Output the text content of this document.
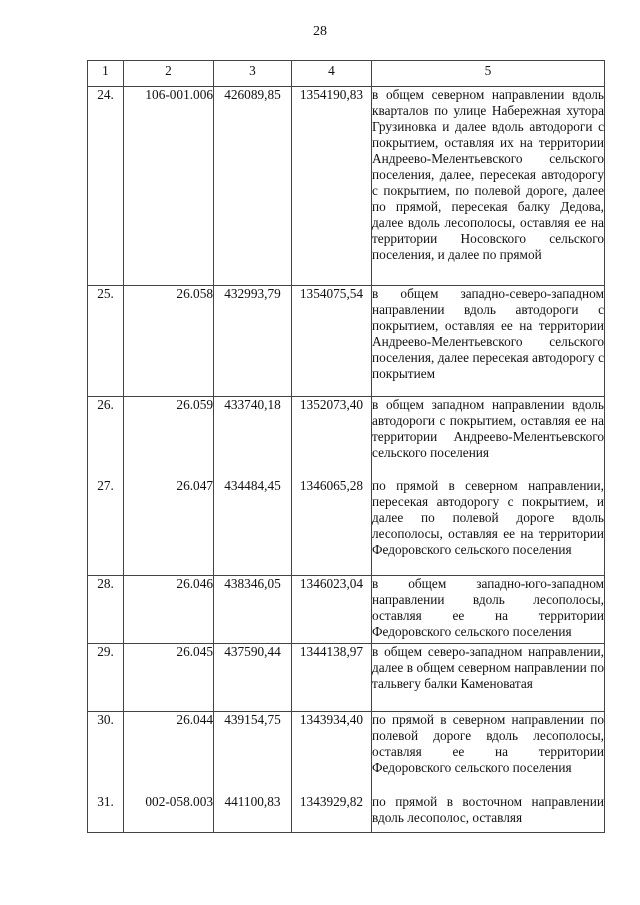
28
1	2	3	4	5
24.	106-001.006	426089,85	1354190,83	в общем северном направлении вдоль кварталов по улице Набережная хутора Грузиновка и далее вдоль автодороги с покрытием, оставляя их на территории Андреево-Мелентьевского сельского поселения, далее, пересекая автодорогу с покрытием, по полевой дороге, далее по прямой, пересекая балку Дедова, далее вдоль лесополосы, оставляя ее на территории Носовского сельского поселения, и далее по прямой
25.	26.058	432993,79	1354075,54	в общем западно-северо-западном направлении вдоль автодороги с покрытием, оставляя ее на территории Андреево-Мелентьевского сельского поселения, далее пересекая автодорогу с покрытием
26.	26.059	433740,18	1352073,40	в общем западном направлении вдоль автодороги с покрытием, оставляя ее на территории Андреево-Мелентьевского сельского поселения
27.	26.047	434484,45	1346065,28	по прямой в северном направлении, пересекая автодорогу с покрытием, и далее по полевой дороге вдоль лесополосы, оставляя ее на территории Федоровского сельского поселения
28.	26.046	438346,05	1346023,04	в общем западно-юго-западном направлении вдоль лесополосы, оставляя ее на территории Федоровского сельского поселения
29.	26.045	437590,44	1344138,97	в общем северо-западном направлении, далее в общем северном направлении по тальвегу балки Каменоватая
30.	26.044	439154,75	1343934,40	по прямой в северном направлении по полевой дороге вдоль лесополосы, оставляя ее на территории Федоровского сельского поселения
31.	002-058.003	441100,83	1343929,82	по прямой в восточном направлении вдоль лесополос, оставляя
